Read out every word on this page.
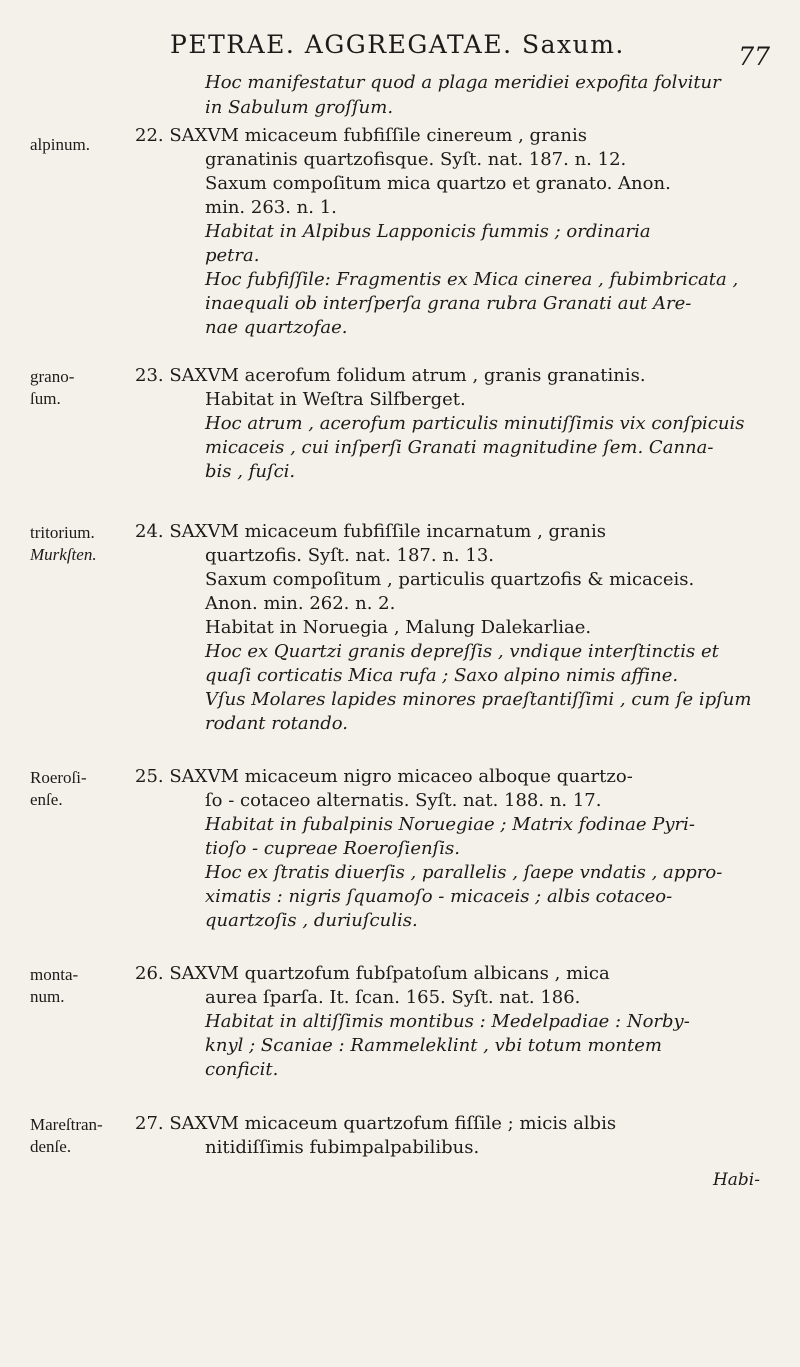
PETRAE. AGGREGATAE. Saxum.	77
Hoc manifestatur quod a plaga meridiei expofita folvitur
in Sabulum groſſum.
alpinum.	22. SAXVM micaceum fubfiſſile cinereum , granis

granatinis quartzofisque. Syſt. nat. 187. n. 12.

Saxum compoſitum mica quartzo et granato. Anon.

min. 263. n. 1.

Habitat in Alpibus Lapponicis fummis ; ordinaria

petra.

Hoc fubfiſſile: Fragmentis ex Mica cinerea , fubimbricata ,

inaequali ob interſperſa grana rubra Granati aut Are-

nae quartzofae.

grano-
ſum.

23. SAXVM acerofum folidum atrum , granis granatinis.

Habitat in Weſtra Silfberget.

Hoc atrum , acerofum particulis minutiſſimis vix conſpicuis

micaceis , cui inſperſi Granati magnitudine ſem. Canna-

bis , fuſci.

tritorium.
Murkſten.

24. SAXVM micaceum fubfiſſile incarnatum , granis

quartzofis. Syſt. nat. 187. n. 13.

Saxum compoſitum , particulis quartzofis & micaceis.

Anon. min. 262. n. 2.

Habitat in Noruegia , Malung Dalekarliae.

Hoc ex Quartzi granis depreſſis , vndique interſtinctis et

quaſi corticatis Mica rufa ; Saxo alpino nimis affine.

Vſus Molares lapides minores praeſtantiſſimi , cum ſe ipſum

rodant rotando.

Roeroſi-
enſe.

25. SAXVM micaceum nigro micaceo alboque quartzo-

ſo - cotaceo alternatis. Syſt. nat. 188. n. 17.

Habitat in fubalpinis Noruegiae ; Matrix fodinae Pyri-

tioſo - cupreae Roeroſienſis.

Hoc ex ſtratis diuerſis , parallelis , ſaepe vndatis , appro-

ximatis : nigris ſquamoſo - micaceis ; albis cotaceo-

quartzoſis , duriuſculis.

monta-
num.

26. SAXVM quartzofum fubſpatoſum albicans , mica

aurea ſparſa. It. ſcan. 165. Syſt. nat. 186.

Habitat in altiſſimis montibus : Medelpadiae : Norby-

knyl ; Scaniae : Rammeleklint , vbi totum montem

conficit.

Mareſtran-
denſe.

27. SAXVM micaceum quartzofum fiſſile ; micis albis

nitidiſſimis fubimpalpabilibus.

Habi-
